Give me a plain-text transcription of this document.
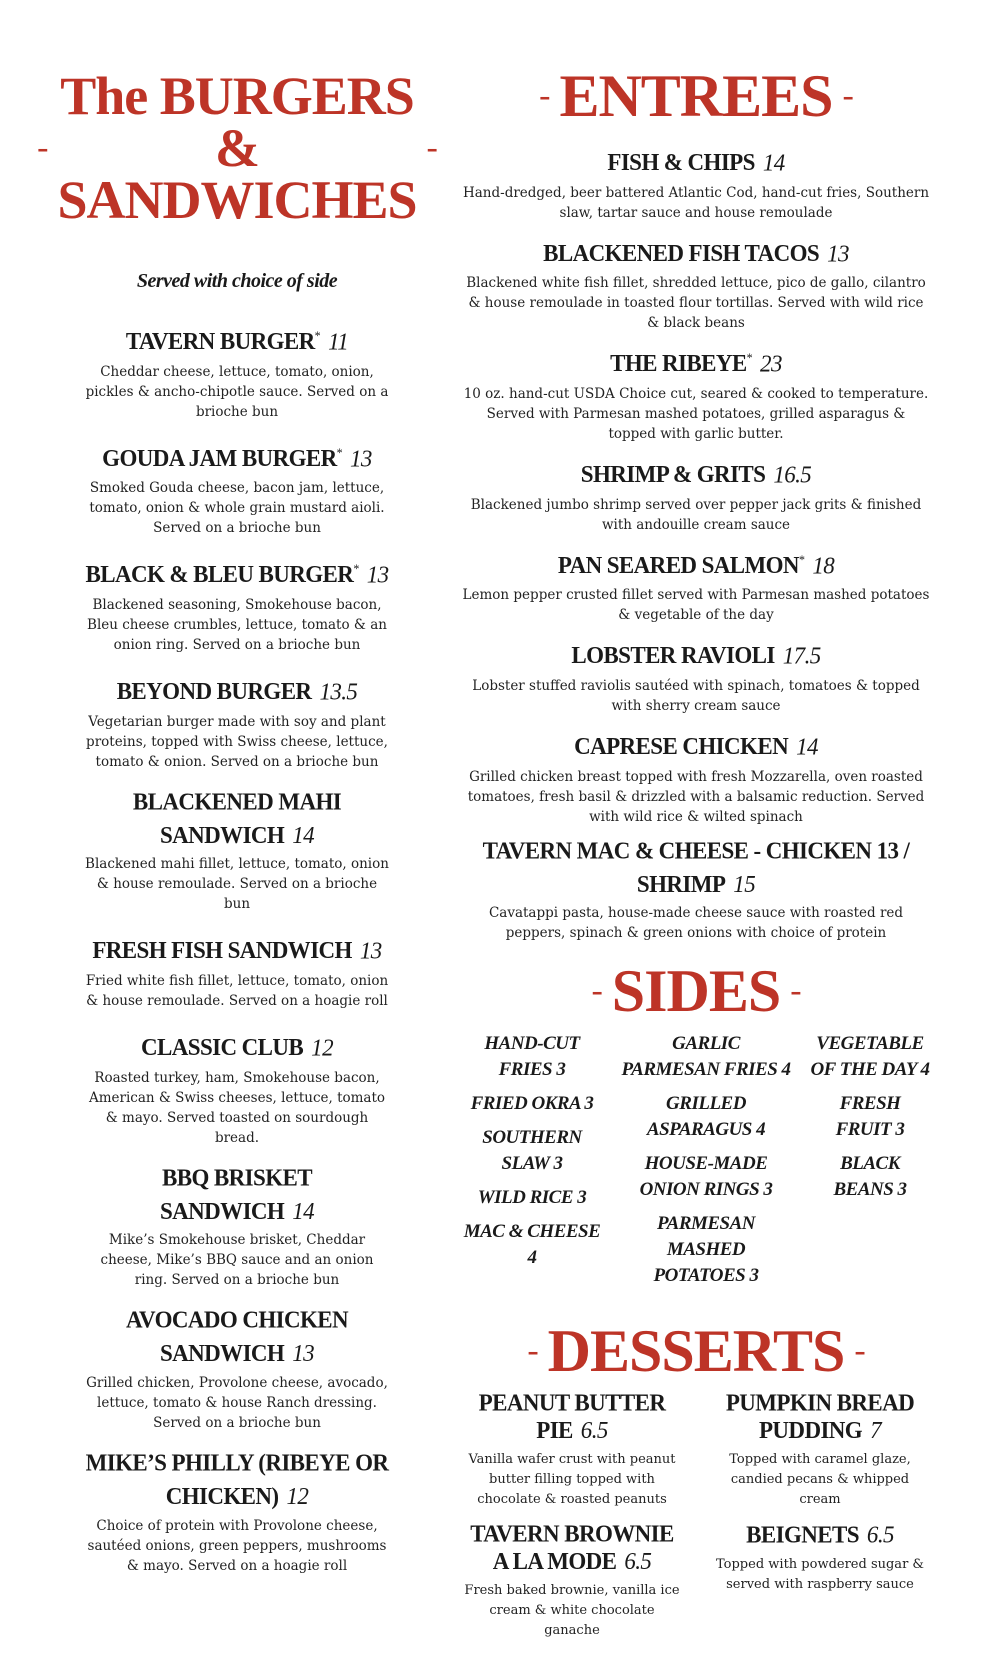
-
The BURGERS
& SANDWICHES
-
Served with choice of side
TAVERN BURGER* 11
Cheddar cheese, lettuce, tomato, onion, pickles & ancho-chipotle sauce. Served on a brioche bun
GOUDA JAM BURGER* 13
Smoked Gouda cheese, bacon jam, lettuce, tomato, onion & whole grain mustard aioli. Served on a brioche bun
BLACK & BLEU BURGER* 13
Blackened seasoning, Smokehouse bacon, Bleu cheese crumbles, lettuce, tomato & an onion ring. Served on a brioche bun
BEYOND BURGER 13.5
Vegetarian burger made with soy and plant proteins, topped with Swiss cheese, lettuce, tomato & onion. Served on a brioche bun
BLACKENED MAHI SANDWICH 14
Blackened mahi fillet, lettuce, tomato, onion & house remoulade. Served on a brioche bun
FRESH FISH SANDWICH 13
Fried white fish fillet, lettuce, tomato, onion & house remoulade. Served on a hoagie roll
CLASSIC CLUB 12
Roasted turkey, ham, Smokehouse bacon, American & Swiss cheeses, lettuce, tomato & mayo. Served toasted on sourdough bread.
BBQ BRISKET SANDWICH 14
Mike’s Smokehouse brisket, Cheddar cheese, Mike’s BBQ sauce and an onion ring. Served on a brioche bun
AVOCADO CHICKEN SANDWICH 13
Grilled chicken, Provolone cheese, avocado, lettuce, tomato & house Ranch dressing. Served on a brioche bun
MIKE’S PHILLY (RIBEYE OR CHICKEN) 12
Choice of protein with Provolone cheese, sautéed onions, green peppers, mushrooms & mayo. Served on a hoagie roll
- ENTREES -
FISH & CHIPS 14
Hand-dredged, beer battered Atlantic Cod, hand-cut fries, Southern slaw, tartar sauce and house remoulade
BLACKENED FISH TACOS 13
Blackened white fish fillet, shredded lettuce, pico de gallo, cilantro & house remoulade in toasted flour tortillas. Served with wild rice & black beans
THE RIBEYE* 23
10 oz. hand-cut USDA Choice cut, seared & cooked to temperature. Served with Parmesan mashed potatoes, grilled asparagus & topped with garlic butter.
SHRIMP & GRITS 16.5
Blackened jumbo shrimp served over pepper jack grits & finished with andouille cream sauce
PAN SEARED SALMON* 18
Lemon pepper crusted fillet served with Parmesan mashed potatoes & vegetable of the day
LOBSTER RAVIOLI 17.5
Lobster stuffed raviolis sautéed with spinach, tomatoes & topped with sherry cream sauce
CAPRESE CHICKEN 14
Grilled chicken breast topped with fresh Mozzarella, oven roasted tomatoes, fresh basil & drizzled with a balsamic reduction. Served with wild rice & wilted spinach
TAVERN MAC & CHEESE - CHICKEN 13 / SHRIMP 15
Cavatappi pasta, house-made cheese sauce with roasted red peppers, spinach & green onions with choice of protein
- SIDES -
HAND-CUT FRIES 3
FRIED OKRA 3
SOUTHERN SLAW 3
WILD RICE 3
MAC & CHEESE 4
GARLIC PARMESAN FRIES 4
GRILLED ASPARAGUS 4
HOUSE-MADE ONION RINGS 3
PARMESAN MASHED POTATOES 3
VEGETABLE OF THE DAY 4
FRESH FRUIT 3
BLACK BEANS 3
- DESSERTS -
PEANUT BUTTER PIE 6.5
Vanilla wafer crust with peanut butter filling topped with chocolate & roasted peanuts
TAVERN BROWNIE A LA MODE 6.5
Fresh baked brownie, vanilla ice cream & white chocolate ganache
PUMPKIN BREAD PUDDING 7
Topped with caramel glaze, candied pecans & whipped cream
BEIGNETS 6.5
Topped with powdered sugar & served with raspberry sauce
